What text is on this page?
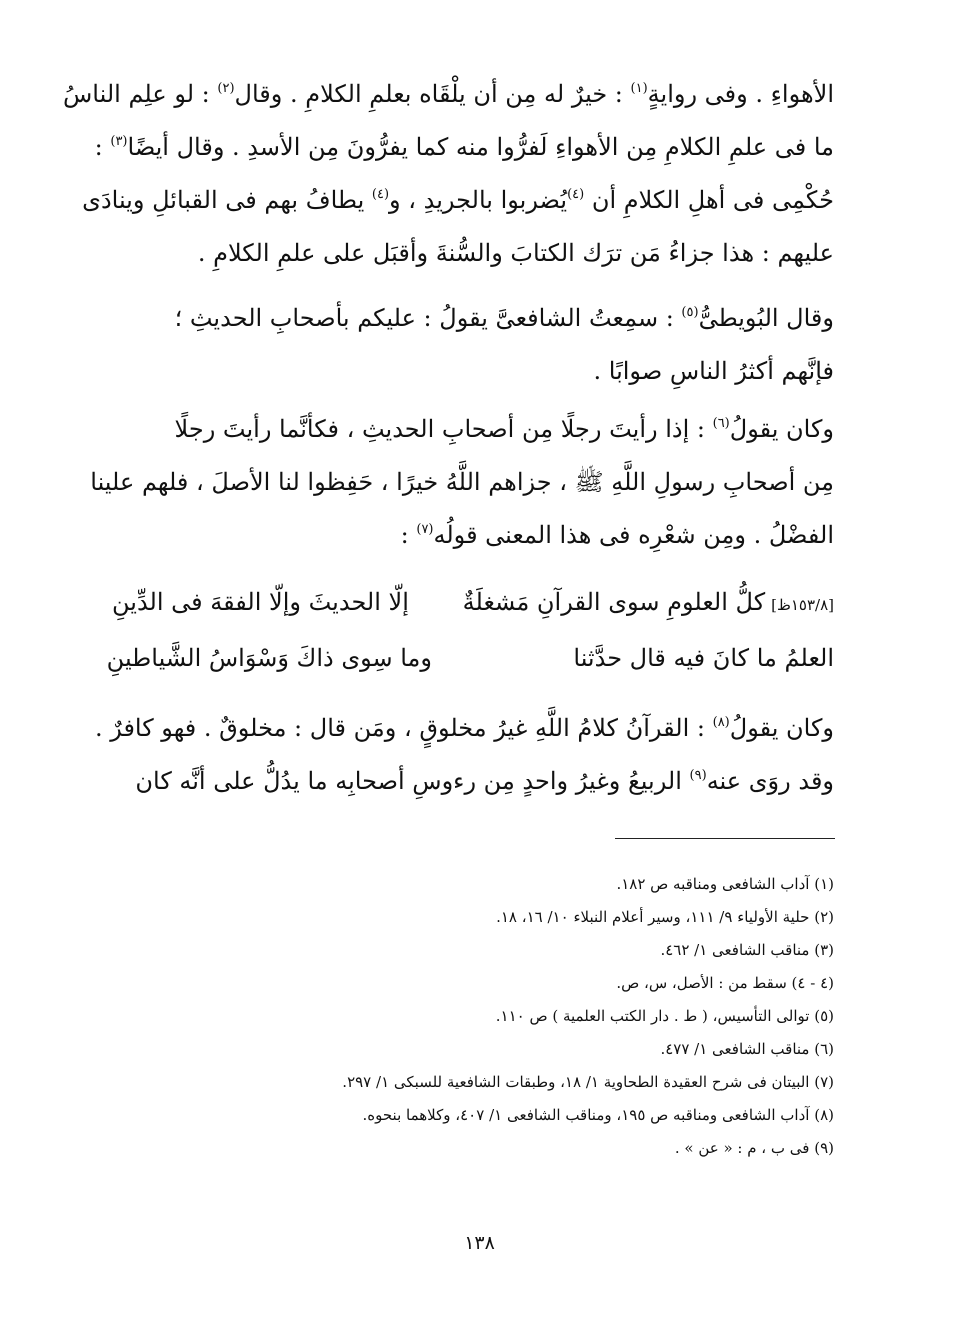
الأهواءِ . وفى روايةٍ$^{(١)}$ : خيرٌ له مِن أن يلْقَاه بعلمِ الكلامِ . وقال$^{(٢)}$ : لو علِم الناسُ
ما فى علمِ الكلامِ مِن الأهواءِ لَفرُّوا منه كما يفرُّونَ مِن الأسدِ . وقال أيضًا$^{(٣)}$ :
حُكْمِى فى أهلِ الكلامِ أن $^{(٤)}$يُضربوا بالجريدِ ، و$^{(٤)}$ يطافُ بهم فى القبائلِ وينادَى
عليهم : هذا جزاءُ مَن ترَك الكتابَ والسُّنةَ وأقبَل على علمِ الكلامِ .
وقال البُويطىُّ$^{(٥)}$ : سمِعتُ الشافعىَّ يقولُ : عليكم بأصحابِ الحديثِ ؛
فإنَّهم أكثرُ الناسِ صوابًا .
وكان يقولُ$^{(٦)}$ : إذا رأيتَ رجلًا مِن أصحابِ الحديثِ ، فكأنَّما رأيتَ رجلًا
مِن أصحابِ رسولِ اللَّهِ ﷺ ، جزاهم اللَّهُ خيرًا ، حَفِظوا لنا الأصلَ ، فلهم علينا
الفضْلُ . ومِن شعْرِه فى هذا المعنى قولُه$^{(٧)}$ :
[١٥٣/٨ظ]كلُّ العلومِ سوى القرآنِ مَشغلَةٌ
إلّا الحديثَ وإلّا الفقهَ فى الدِّينِ
العلمُ ما كانَ فيه قال حدَّثنا
وما سِوى ذاكَ وَسْوَاسُ الشَّياطينِ
وكان يقولُ$^{(٨)}$ : القرآنُ كلامُ اللَّهِ غيرُ مخلوقٍ ، ومَن قال : مخلوقٌ . فهو كافرٌ .
وقد روَى عنه$^{(٩)}$ الربيعُ وغيرُ واحدٍ مِن رءوسِ أصحابِه ما يدُلُّ على أنَّه كان
(١) آداب الشافعى ومناقبه ص ١٨٢.
(٢) حلية الأولياء ٩/ ١١١، وسير أعلام النبلاء ١٠/ ١٦، ١٨.
(٣) مناقب الشافعى ١/ ٤٦٢.
(٤ - ٤) سقط من : الأصل، س، ص.
(٥) توالى التأسيس، ( ط . دار الكتب العلمية ) ص ١١٠.
(٦) مناقب الشافعى ١/ ٤٧٧.
(٧) البيتان فى شرح العقيدة الطحاوية ١/ ١٨، وطبقات الشافعية للسبكى ١/ ٢٩٧.
(٨) آداب الشافعى ومناقبه ص ١٩٥، ومناقب الشافعى ١/ ٤٠٧، وكلاهما بنحوه.
(٩) فى ب ، م : « عن » .
١٣٨
